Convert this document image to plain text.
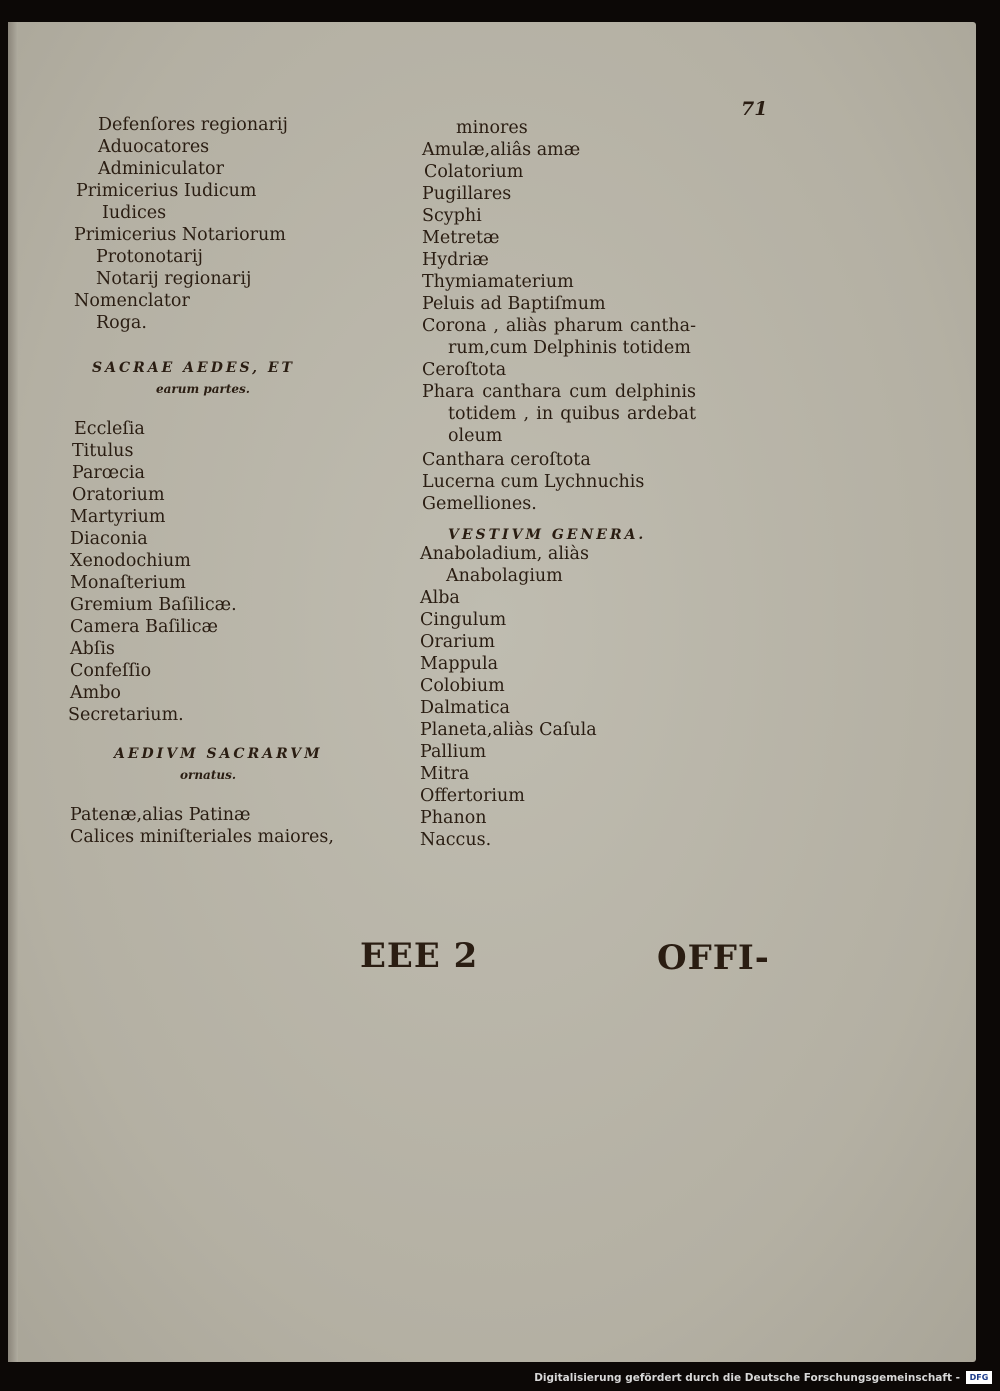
71
Defenſores regionarij
Aduocatores
Adminiculator
Primicerius Iudicum
Iudices
Primicerius Notariorum
Protonotarij
Notarij regionarij
Nomenclator
Roga.
SACRAE AEDES, ET
earum partes.
Eccleſia
Titulus
Parœcia
Oratorium
Martyrium
Diaconia
Xenodochium
Monaſterium
Gremium Baſilicæ.
Camera Baſilicæ
Abſis
Confeſſio
Ambo
Secretarium.
AEDIVM SACRARVM
ornatus.
Patenæ,alias Patinæ
Calices miniſteriales maiores,
minores
Amulæ,aliâs amæ
Colatorium
Pugillares
Scyphi
Metretæ
Hydriæ
Thymiamaterium
Peluis ad Baptiſmum
Corona , aliàs pharum cantha-
rum,cum Delphinis totidem
Ceroſtota
Phara canthara cum delphinis
totidem , in quibus ardebat
oleum
Canthara ceroſtota
Lucerna cum Lychnuchis
Gemelliones.
VESTIVM GENERA.
Anaboladium, aliàs
Anabolagium
Alba
Cingulum
Orarium
Mappula
Colobium
Dalmatica
Planeta,aliàs Caſula
Pallium
Mitra
Offertorium
Phanon
Naccus.
EEE 2	OFFI-
Digitalisierung gefördert durch die Deutsche Forschungsgemeinschaft -	DFG
